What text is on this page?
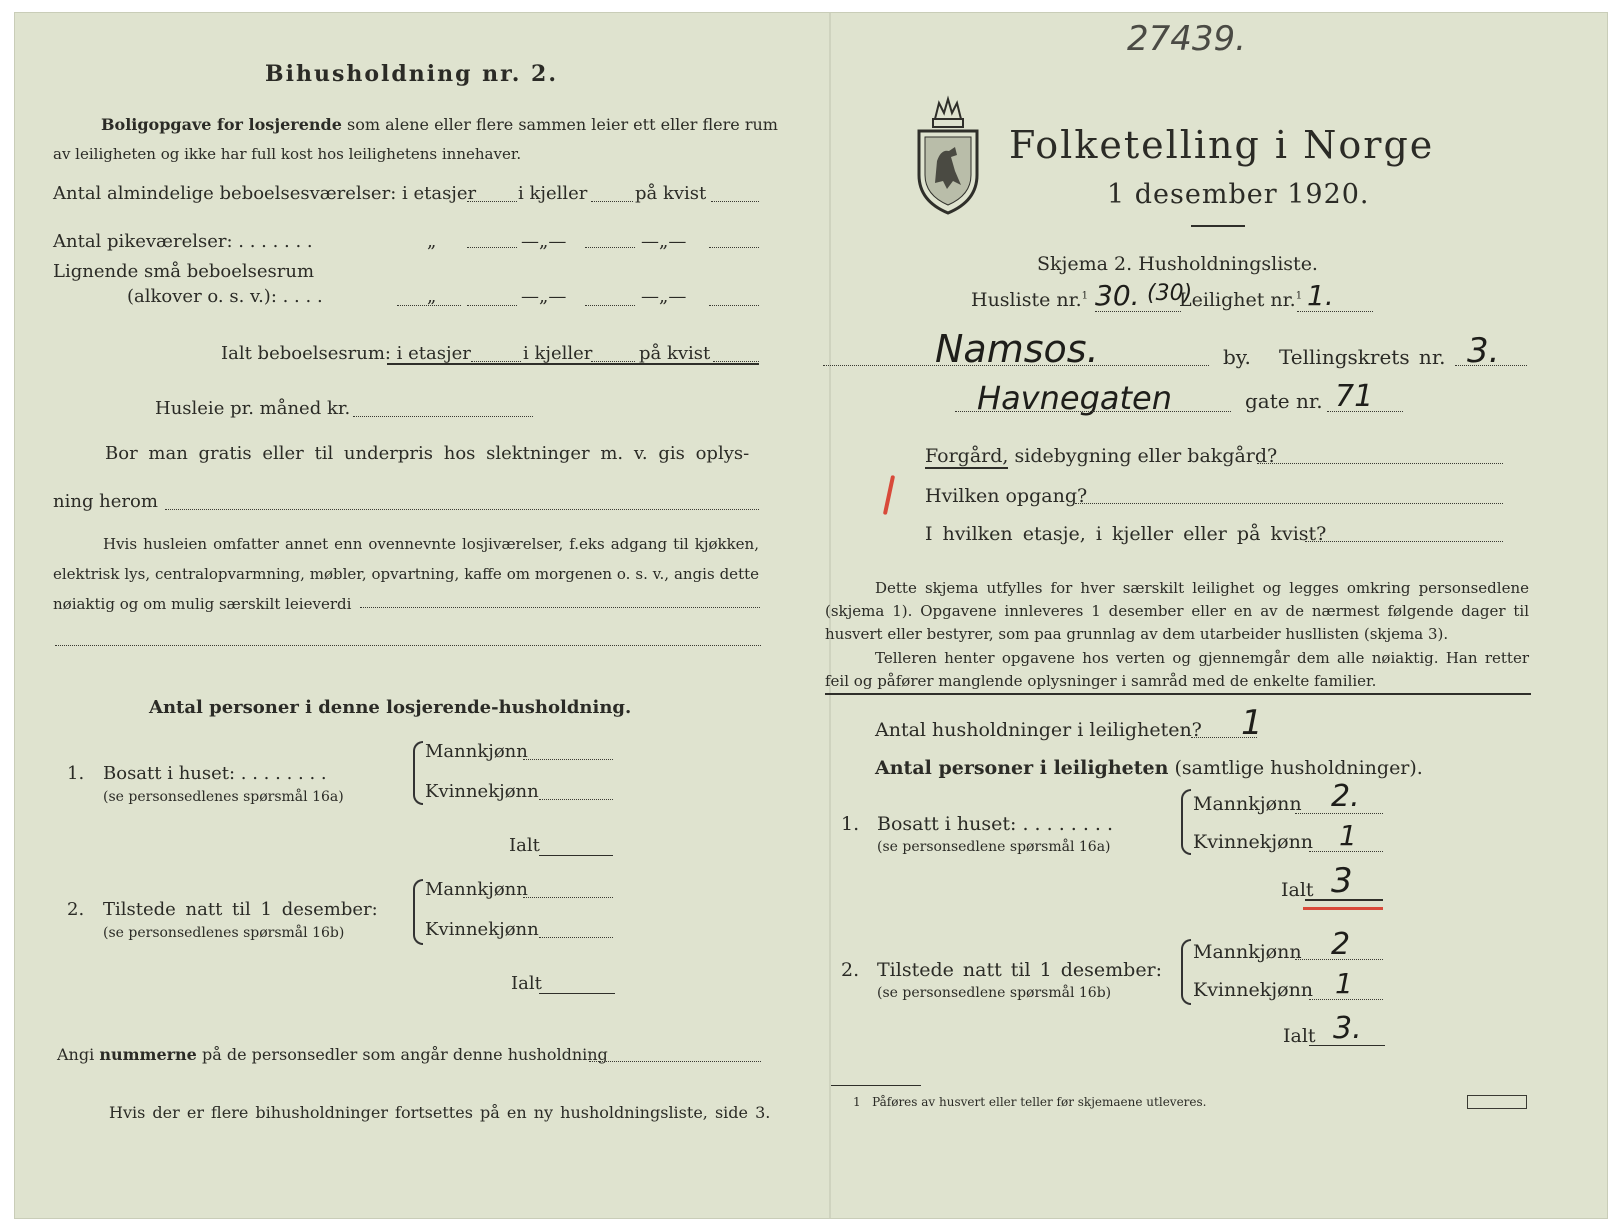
Bihusholdning nr. 2.
Boligopgave for losjerende som alene eller flere sammen leier ett eller flere rum
av leiligheten og ikke har full kost hos leilighetens innehaver.
Antal almindelige beboelsesværelser: i etasjer i kjeller	på kvist
Antal pikeværelser: . . . . . . .	„	—„—	—„—
Lignende små beboelsesrum
(alkover o. s. v.): . . . .	„	—„—	—„—
Ialt beboelsesrum: i etasjer	i kjeller	på kvist
Husleie pr. måned kr.
Bor man gratis eller til underpris hos slektninger m. v. gis oplys-
ning herom
Hvis husleien omfatter annet enn ovennevnte losjiværelser, f.eks adgang til kjøkken, elektrisk lys, centralopvarmning, møbler, opvartning, kaffe om morgenen o. s. v., angis dette nøiaktig og om mulig særskilt leieverdi
Antal personer i denne losjerende-husholdning.
1. Bosatt i huset: . . . . . . . .
(se personsedlenes spørsmål 16a)
Mannkjønn
Kvinnekjønn
Ialt
2. Tilstede natt til 1 desember:
(se personsedlenes spørsmål 16b)
Mannkjønn
Kvinnekjønn
Ialt
Angi nummerne på de personsedler som angår denne husholdning
Hvis der er flere bihusholdninger fortsettes på en ny husholdningsliste, side 3.
27439.
Folketelling i Norge
1 desember 1920.
Skjema 2. Husholdningsliste.
Husliste nr.$^1$ 30. (30)
Leilighet nr.$^1$ 1.
Namsos.	by. Tellingskrets nr. 3.
Havnegaten	gate nr. 71
Forgård, sidebygning eller bakgård?
Hvilken opgang?
I hvilken etasje, i kjeller eller på kvist?
Dette skjema utfylles for hver særskilt leilighet og legges omkring personsedlene (skjema 1). Opgavene innleveres 1 desember eller en av de nærmest følgende dager til husvert eller bestyrer, som paa grunnlag av dem utarbeider husllisten (skjema 3).
Telleren henter opgavene hos verten og gjennemgår dem alle nøiaktig. Han retter feil og påfører manglende oplysninger i samråd med de enkelte familier.
Antal husholdninger i leiligheten? 1
Antal personer i leiligheten (samtlige husholdninger).
1. Bosatt i huset: . . . . . . . .
(se personsedlene spørsmål 16a)
Mannkjønn 2.
Kvinnekjønn 1
Ialt 3
2. Tilstede natt til 1 desember:
(se personsedlene spørsmål 16b)
Mannkjønn 2
Kvinnekjønn 1
Ialt 3.
1 Påføres av husvert eller teller før skjemaene utleveres.
